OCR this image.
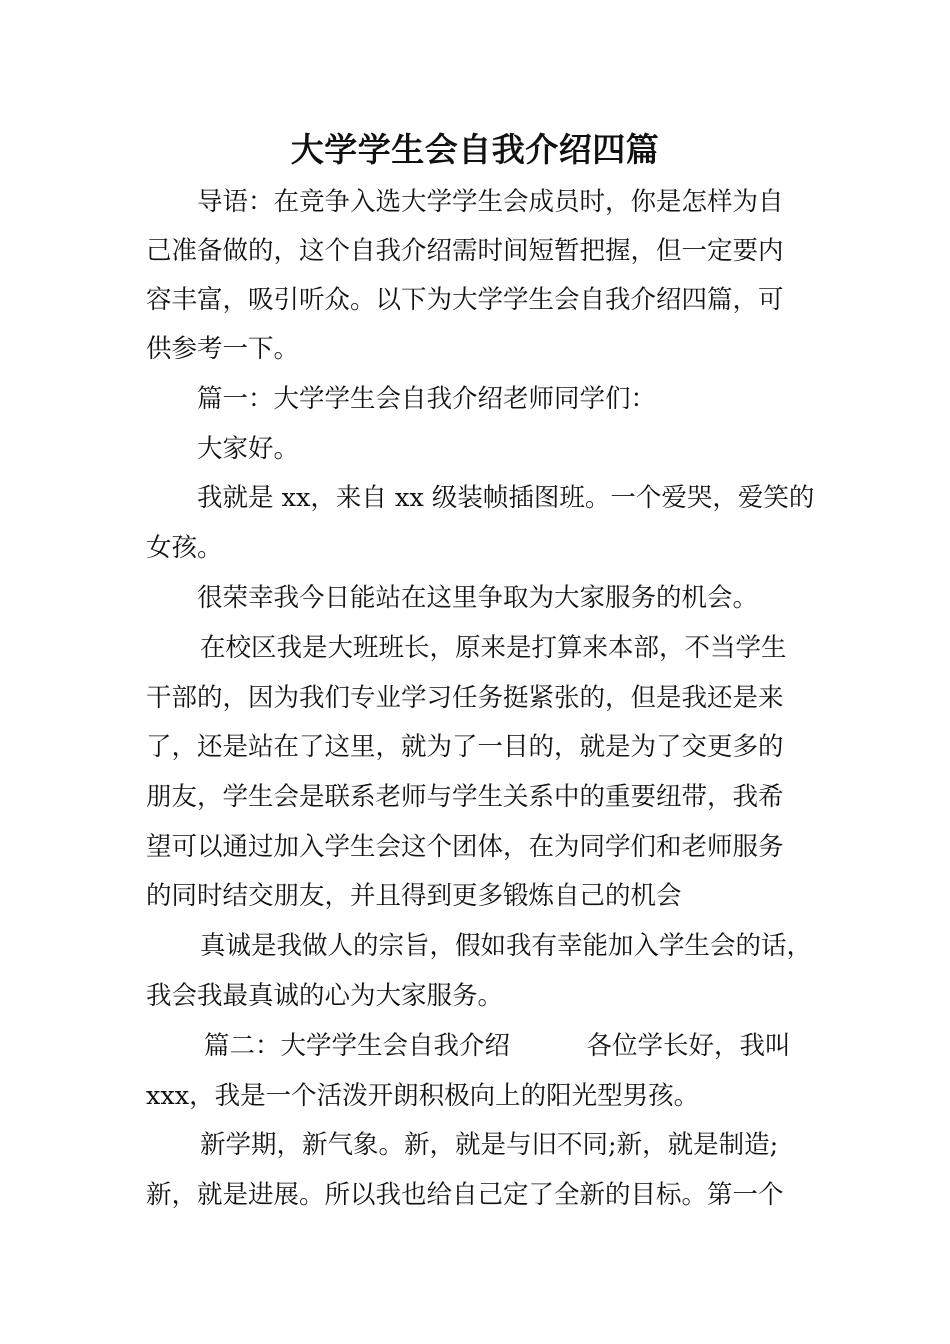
大学学生会自我介绍四篇

导语：在竞争入选大学学生会成员时，你是怎样为自

己准备做的，这个自我介绍需时间短暂把握，但一定要内

容丰富，吸引听众。以下为大学学生会自我介绍四篇，可

供参考一下。

篇一：大学学生会自我介绍老师同学们：

大家好。

我就是 xx，来自 xx 级装帧插图班。一个爱哭，爱笑的

女孩。

很荣幸我今日能站在这里争取为大家服务的机会。

在校区我是大班班长，原来是打算来本部，不当学生

干部的，因为我们专业学习任务挺紧张的，但是我还是来

了，还是站在了这里，就为了一目的，就是为了交更多的

朋友，学生会是联系老师与学生关系中的重要纽带，我希

望可以通过加入学生会这个团体，在为同学们和老师服务

的同时结交朋友，并且得到更多锻炼自己的机会

真诚是我做人的宗旨，假如我有幸能加入学生会的话，

我会我最真诚的心为大家服务。

篇二：大学学生会自我介绍　　　各位学长好，我叫

xxx，我是一个活泼开朗积极向上的阳光型男孩。

新学期，新气象。新，就是与旧不同;新，就是制造;

新，就是进展。所以我也给自己定了全新的目标。第一个
